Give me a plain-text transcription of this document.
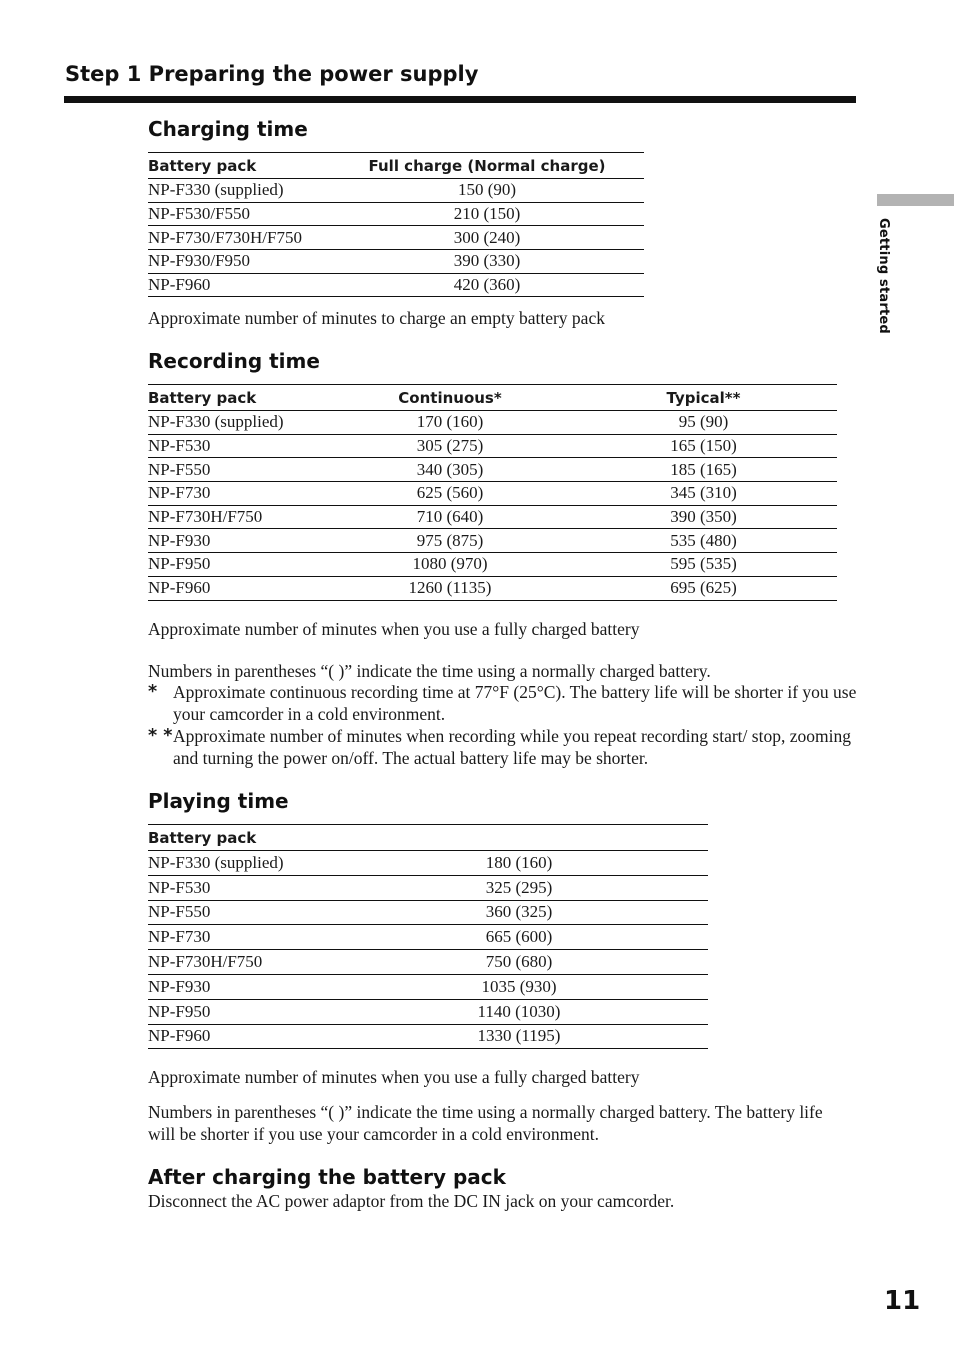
Step 1 Preparing the power supply
Getting started
Charging time
Battery pack	Full charge (Normal charge)
NP-F330 (supplied)	150 (90)
NP-F530/F550	210 (150)
NP-F730/F730H/F750	300 (240)
NP-F930/F950	390 (330)
NP-F960	420 (360)
Approximate number of minutes to charge an empty battery pack
Recording time
Battery pack	Continuous*	Typical**
NP-F330 (supplied)	170 (160)	95 (90)
NP-F530	305 (275)	165 (150)
NP-F550	340 (305)	185 (165)
NP-F730	625 (560)	345 (310)
NP-F730H/F750	710 (640)	390 (350)
NP-F930	975 (875)	535 (480)
NP-F950	1080 (970)	595 (535)
NP-F960	1260 (1135)	695 (625)
Approximate number of minutes when you use a fully charged battery
Numbers in parentheses “( )” indicate the time using a normally charged battery.
* Approximate continuous recording time at 77°F (25°C). The battery life will be shorter if you use your camcorder in a cold environment.
* * Approximate number of minutes when recording while you repeat recording start/ stop, zooming and turning the power on/off. The actual battery life may be shorter.
Playing time
Battery pack	
NP-F330 (supplied)	180 (160)
NP-F530	325 (295)
NP-F550	360 (325)
NP-F730	665 (600)
NP-F730H/F750	750 (680)
NP-F930	1035 (930)
NP-F950	1140 (1030)
NP-F960	1330 (1195)
Approximate number of minutes when you use a fully charged battery
Numbers in parentheses “( )” indicate the time using a normally charged battery. The battery life will be shorter if you use your camcorder in a cold environment.
After charging the battery pack
Disconnect the AC power adaptor from the DC IN jack on your camcorder.
11
